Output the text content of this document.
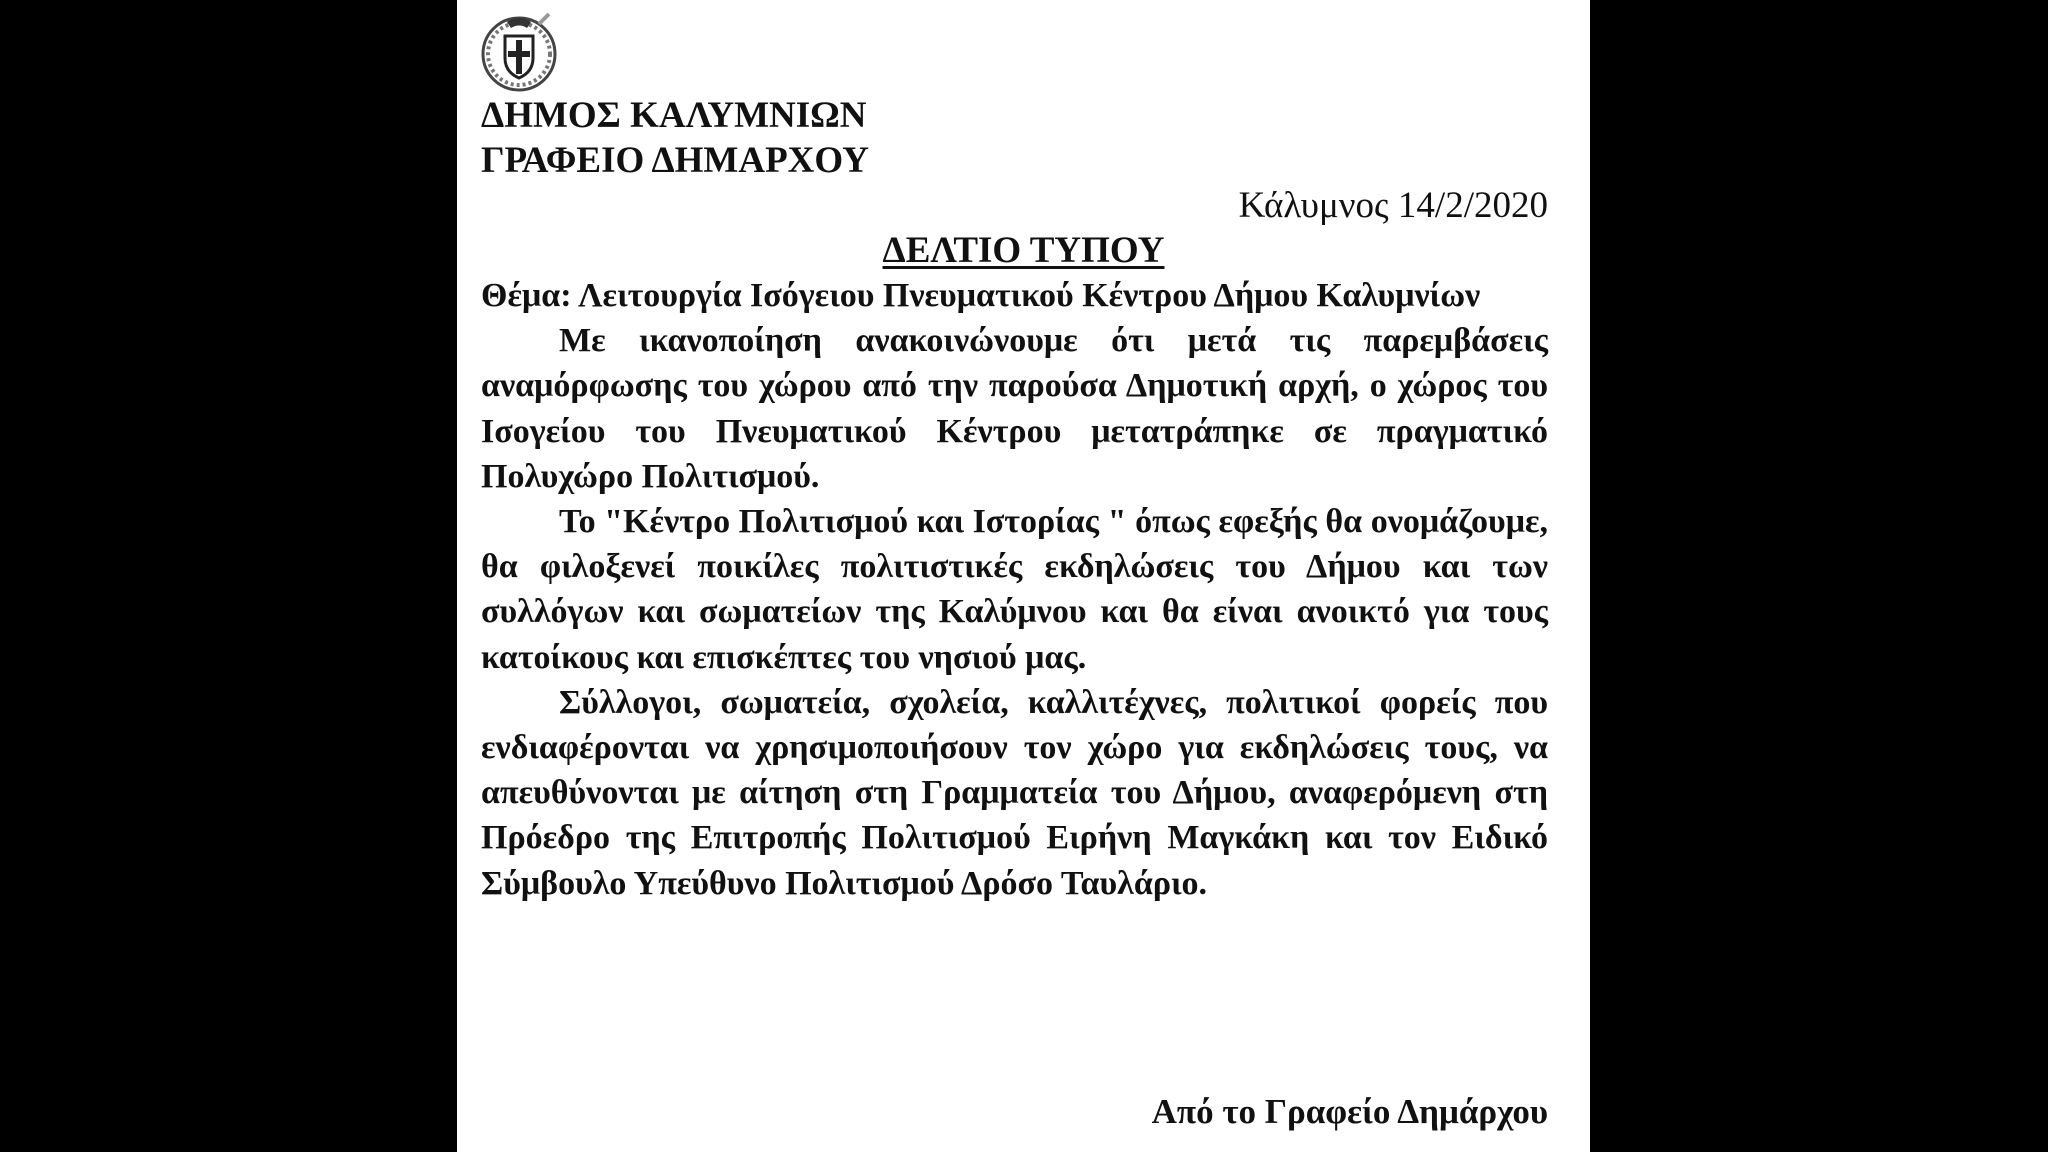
ΔΗΜΟΣ ΚΑΛΥΜΝΙΩΝ
ΓΡΑΦΕΙΟ ΔΗΜΑΡΧΟΥ
Κάλυμνος 14/2/2020
ΔΕΛΤΙΟ ΤΥΠΟΥ

Θέμα: Λειτουργία Ισόγειου Πνευματικού Κέντρου Δήμου Καλυμνίων

Με ικανοποίηση ανακοινώνουμε ότι μετά τις παρεμβάσεις αναμόρφωσης του χώρου από την παρούσα Δημοτική αρχή, ο χώρος του Ισογείου του Πνευματικού Κέντρου μετατράπηκε σε πραγματικό Πολυχώρο Πολιτισμού.

Το "Κέντρο Πολιτισμού και Ιστορίας " όπως εφεξής θα ονομάζουμε, θα φιλοξενεί ποικίλες πολιτιστικές εκδηλώσεις του Δήμου και των συλλόγων και σωματείων της Καλύμνου και θα είναι ανοικτό για τους κατοίκους και επισκέπτες του νησιού μας.

Σύλλογοι, σωματεία, σχολεία, καλλιτέχνες, πολιτικοί φορείς που ενδιαφέρονται να χρησιμοποιήσουν τον χώρο για εκδηλώσεις τους, να απευθύνονται με αίτηση στη Γραμματεία του Δήμου, αναφερόμενη στη Πρόεδρο της Επιτροπής Πολιτισμού Ειρήνη Μαγκάκη και τον Ειδικό Σύμβουλο Υπεύθυνο Πολιτισμού Δρόσο Ταυλάριο.

Από το Γραφείο Δημάρχου
